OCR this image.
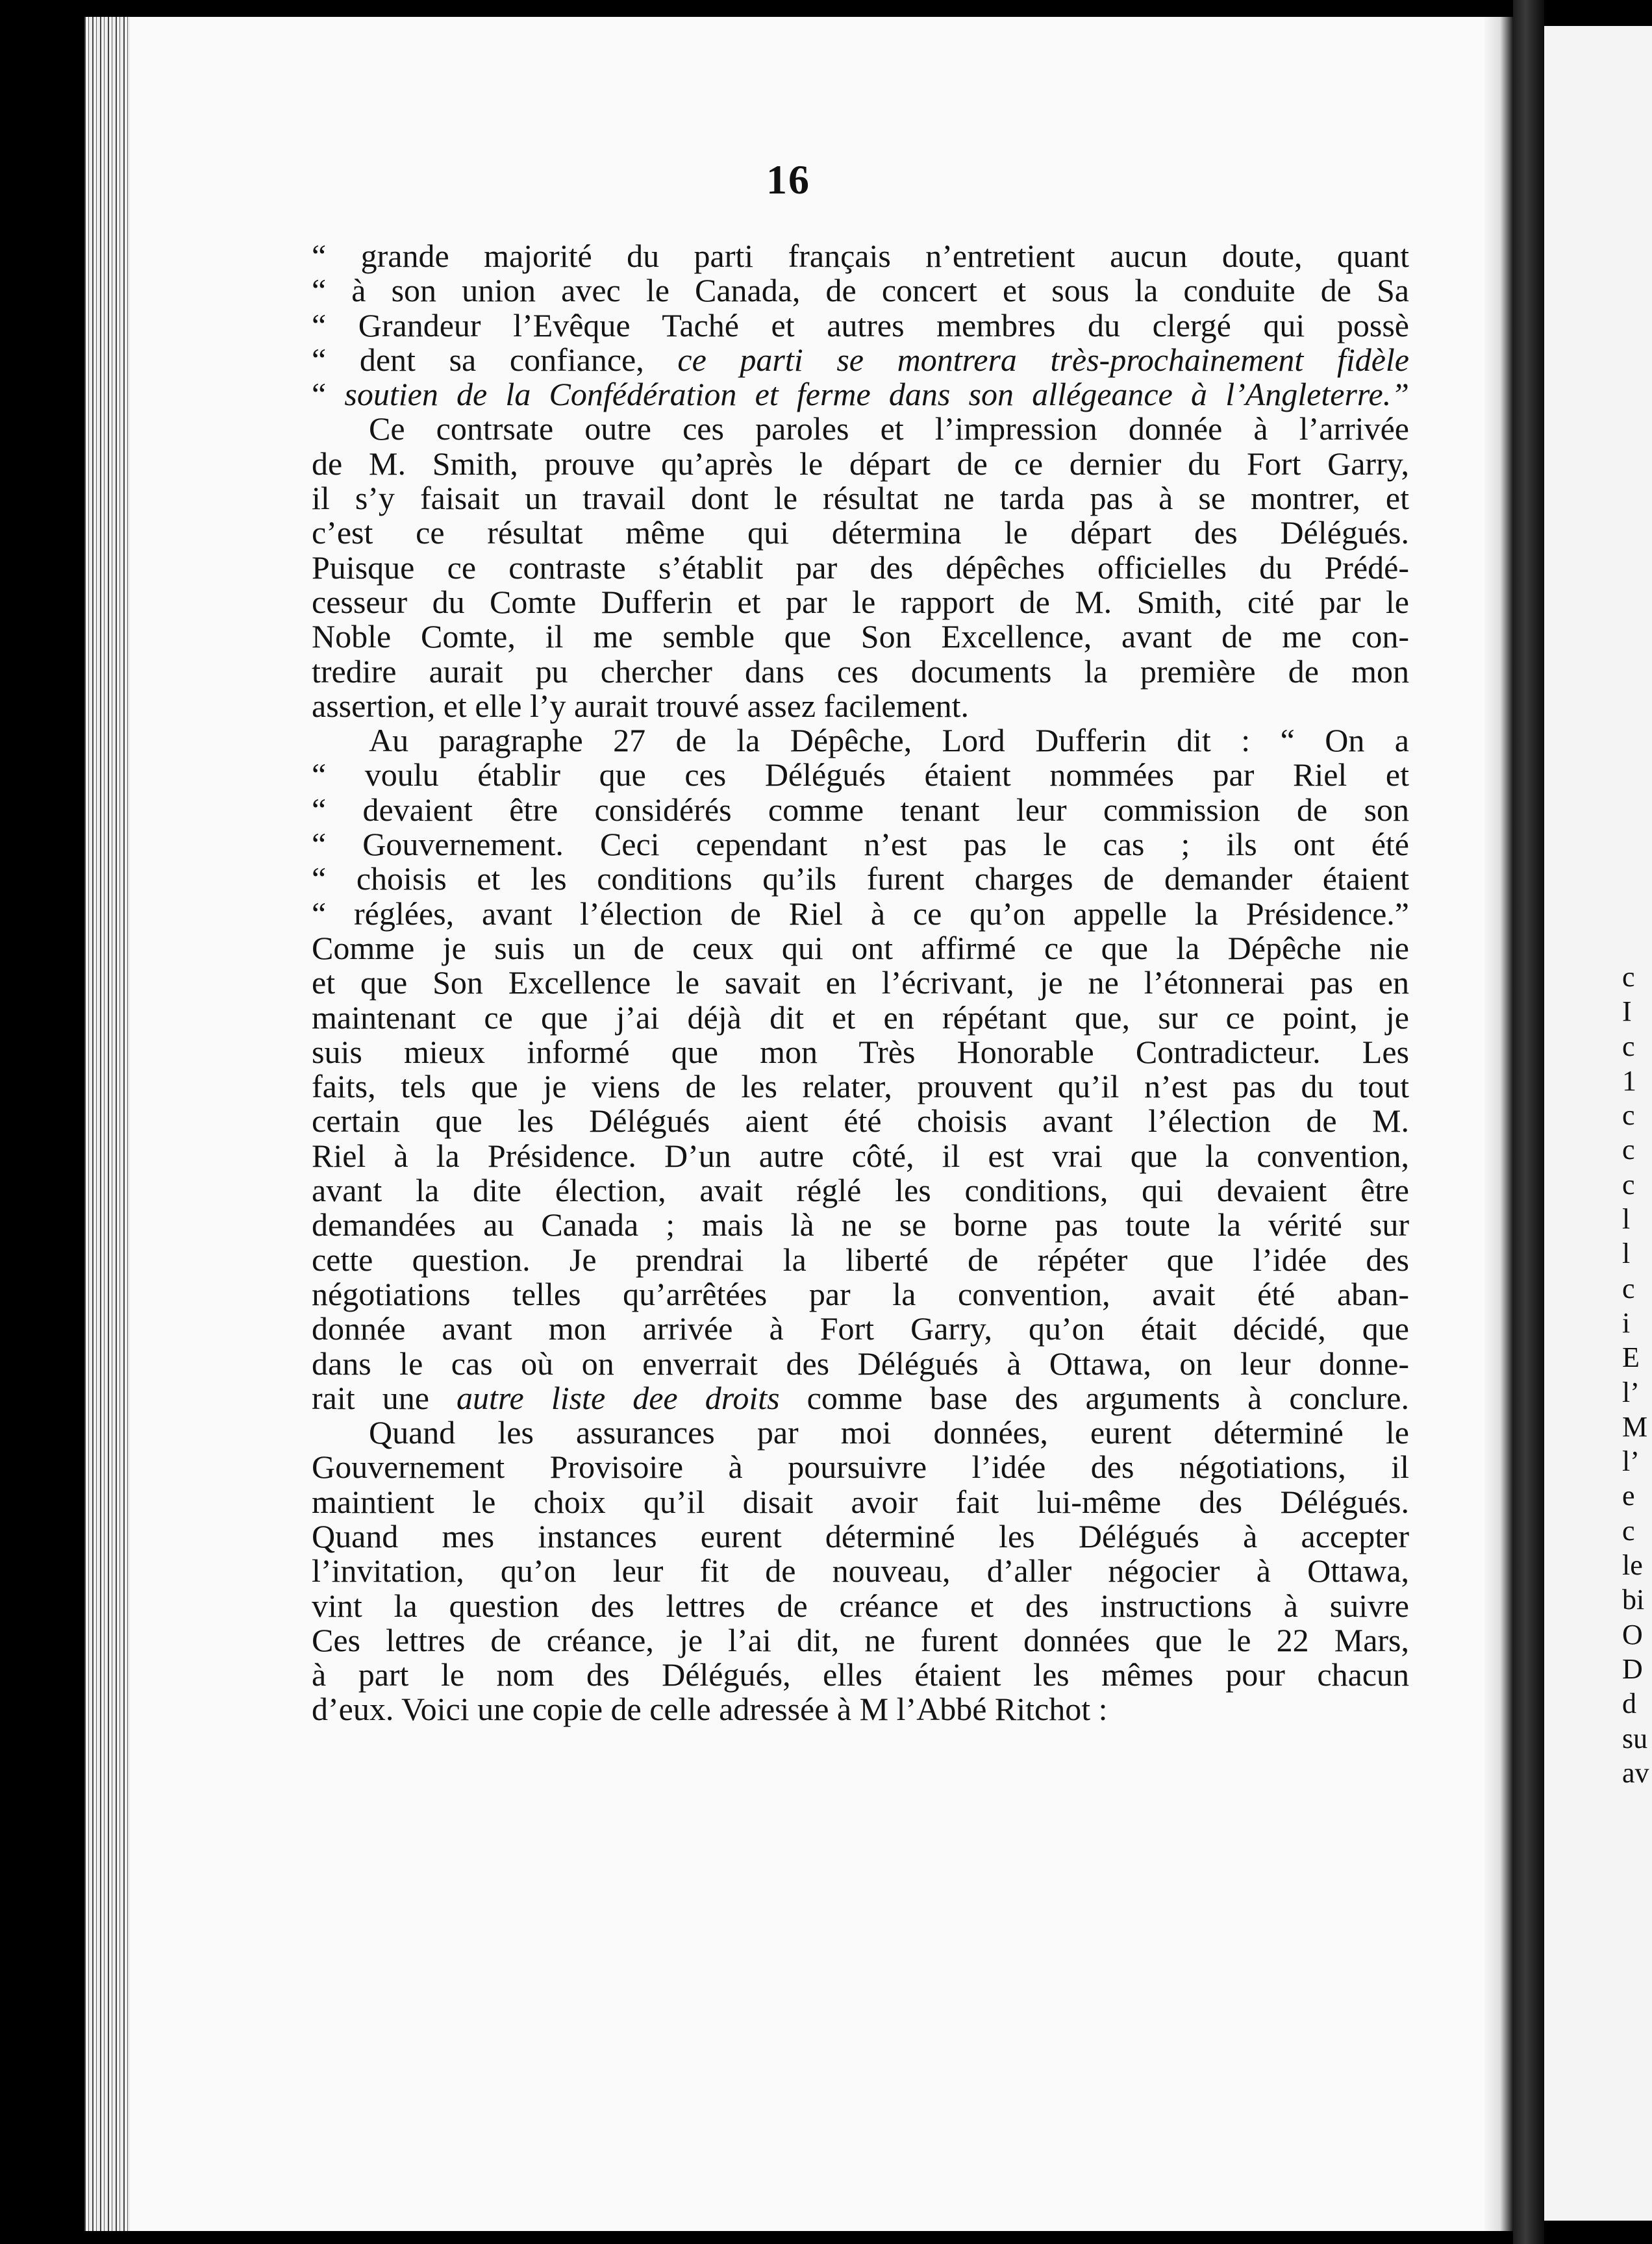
16
“ grande majorité du parti français n’entretient aucun doute, quant
“ à son union avec le Canada, de concert et sous la conduite de Sa
“ Grandeur l’Evêque Taché et autres membres du clergé qui possè
“ dent sa confiance, ce parti se montrera très-prochainement fidèle
“ soutien de la Confédération et ferme dans son allégeance à l’Angleterre.”
Ce contrsate outre ces paroles et l’impression donnée à l’arrivée
de M. Smith, prouve qu’après le départ de ce dernier du Fort Garry,
il s’y faisait un travail dont le résultat ne tarda pas à se montrer, et
c’est ce résultat même qui détermina le départ des Délégués.
Puisque ce contraste s’établit par des dépêches officielles du Prédé-
cesseur du Comte Dufferin et par le rapport de M. Smith, cité par le
Noble Comte, il me semble que Son Excellence, avant de me con-
tredire aurait pu chercher dans ces documents la première de mon
assertion, et elle l’y aurait trouvé assez facilement.
Au paragraphe 27 de la Dépêche, Lord Dufferin dit : “ On a
“ voulu établir que ces Délégués étaient nommées par Riel et
“ devaient être considérés comme tenant leur commission de son
“ Gouvernement. Ceci cependant n’est pas le cas ; ils ont été
“ choisis et les conditions qu’ils furent charges de demander étaient
“ réglées, avant l’élection de Riel à ce qu’on appelle la Présidence.”
Comme je suis un de ceux qui ont affirmé ce que la Dépêche nie
et que Son Excellence le savait en l’écrivant, je ne l’étonnerai pas en
maintenant ce que j’ai déjà dit et en répétant que, sur ce point, je
suis mieux informé que mon Très Honorable Contradicteur. Les
faits, tels que je viens de les relater, prouvent qu’il n’est pas du tout
certain que les Délégués aient été choisis avant l’élection de M.
Riel à la Présidence. D’un autre côté, il est vrai que la convention,
avant la dite élection, avait réglé les conditions, qui devaient être
demandées au Canada ; mais là ne se borne pas toute la vérité sur
cette question. Je prendrai la liberté de répéter que l’idée des
négotiations telles qu’arrêtées par la convention, avait été aban-
donnée avant mon arrivée à Fort Garry, qu’on était décidé, que
dans le cas où on enverrait des Délégués à Ottawa, on leur donne-
rait une autre liste dee droits comme base des arguments à conclure.
Quand les assurances par moi données, eurent déterminé le
Gouvernement Provisoire à poursuivre l’idée des négotiations, il
maintient le choix qu’il disait avoir fait lui-même des Délégués.
Quand mes instances eurent déterminé les Délégués à accepter
l’invitation, qu’on leur fit de nouveau, d’aller négocier à Ottawa,
vint la question des lettres de créance et des instructions à suivre
Ces lettres de créance, je l’ai dit, ne furent données que le 22 Mars,
à part le nom des Délégués, elles étaient les mêmes pour chacun
d’eux. Voici une copie de celle adressée à M l’Abbé Ritchot :
c
I
c
1
c
c
c
l
l
c
i
E
l’
M
l’
e
c
le
bi
O
D
d
su
av
